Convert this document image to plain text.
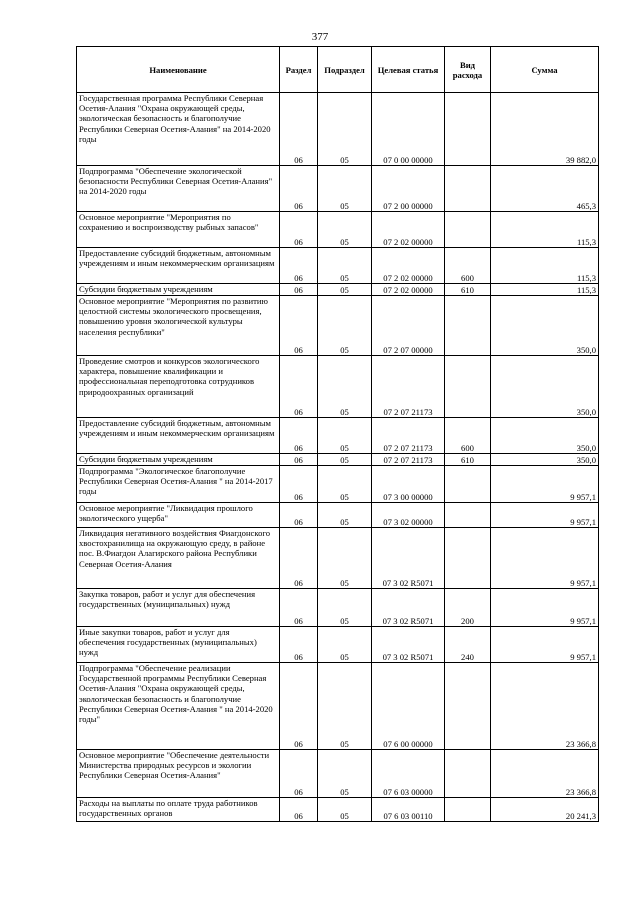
377
Наименование	Раздел	Подраздел	Целевая статья	Вид расхода	Сумма
Государственная программа Республики Северная Осетия-Алания "Охрана окружающей среды, экологическая безопасность и благополучие Республики Северная Осетия-Алания" на 2014-2020 годы	06	05	07 0 00 00000		39 882,0
Подпрограмма "Обеспечение экологической безопасности Республики Северная Осетия-Алания" на 2014-2020 годы	06	05	07 2 00 00000		465,3
Основное мероприятие "Мероприятия по сохранению и воспроизводству рыбных запасов"	06	05	07 2 02 00000		115,3
Предоставление субсидий бюджетным, автономным учреждениям и иным некоммерческим организациям	06	05	07 2 02 00000	600	115,3
Субсидии бюджетным учреждениям	06	05	07 2 02 00000	610	115,3
Основное мероприятие "Мероприятия по развитию целостной системы экологического просвещения, повышению уровня экологической культуры населения республики"	06	05	07 2 07 00000		350,0
Проведение смотров и конкурсов экологического характера, повышение квалификации и профессиональная переподготовка сотрудников природоохранных организаций	06	05	07 2 07 21173		350,0
Предоставление субсидий бюджетным, автономным учреждениям и иным некоммерческим организациям	06	05	07 2 07 21173	600	350,0
Субсидии бюджетным учреждениям	06	05	07 2 07 21173	610	350,0
Подпрограмма "Экологическое благополучие Республики Северная Осетия-Алания " на 2014-2017 годы	06	05	07 3 00 00000		9 957,1
Основное мероприятие "Ликвидация прошлого экологического ущерба"	06	05	07 3 02 00000		9 957,1
Ликвидация негативного воздействия Фиагдонского хвостохранилища на окружающую среду, в районе пос. В.Фиагдон Алагирского района Республики Северная Осетия-Алания	06	05	07 3 02 R5071		9 957,1
Закупка товаров, работ и услуг для обеспечения государственных (муниципальных) нужд	06	05	07 3 02 R5071	200	9 957,1
Иные закупки товаров, работ и услуг для обеспечения государственных (муниципальных) нужд	06	05	07 3 02 R5071	240	9 957,1
Подпрограмма "Обеспечение реализации Государственной программы Республики Северная Осетия-Алания "Охрана окружающей среды, экологическая безопасность и благополучие Республики Северная Осетия-Алания " на 2014-2020 годы"	06	05	07 6 00 00000		23 366,8
Основное мероприятие "Обеспечение деятельности Министерства природных ресурсов и экологии Республики Северная Осетия-Алания"	06	05	07 6 03 00000		23 366,8
Расходы на выплаты по оплате труда работников государственных органов	06	05	07 6 03 00110		20 241,3
